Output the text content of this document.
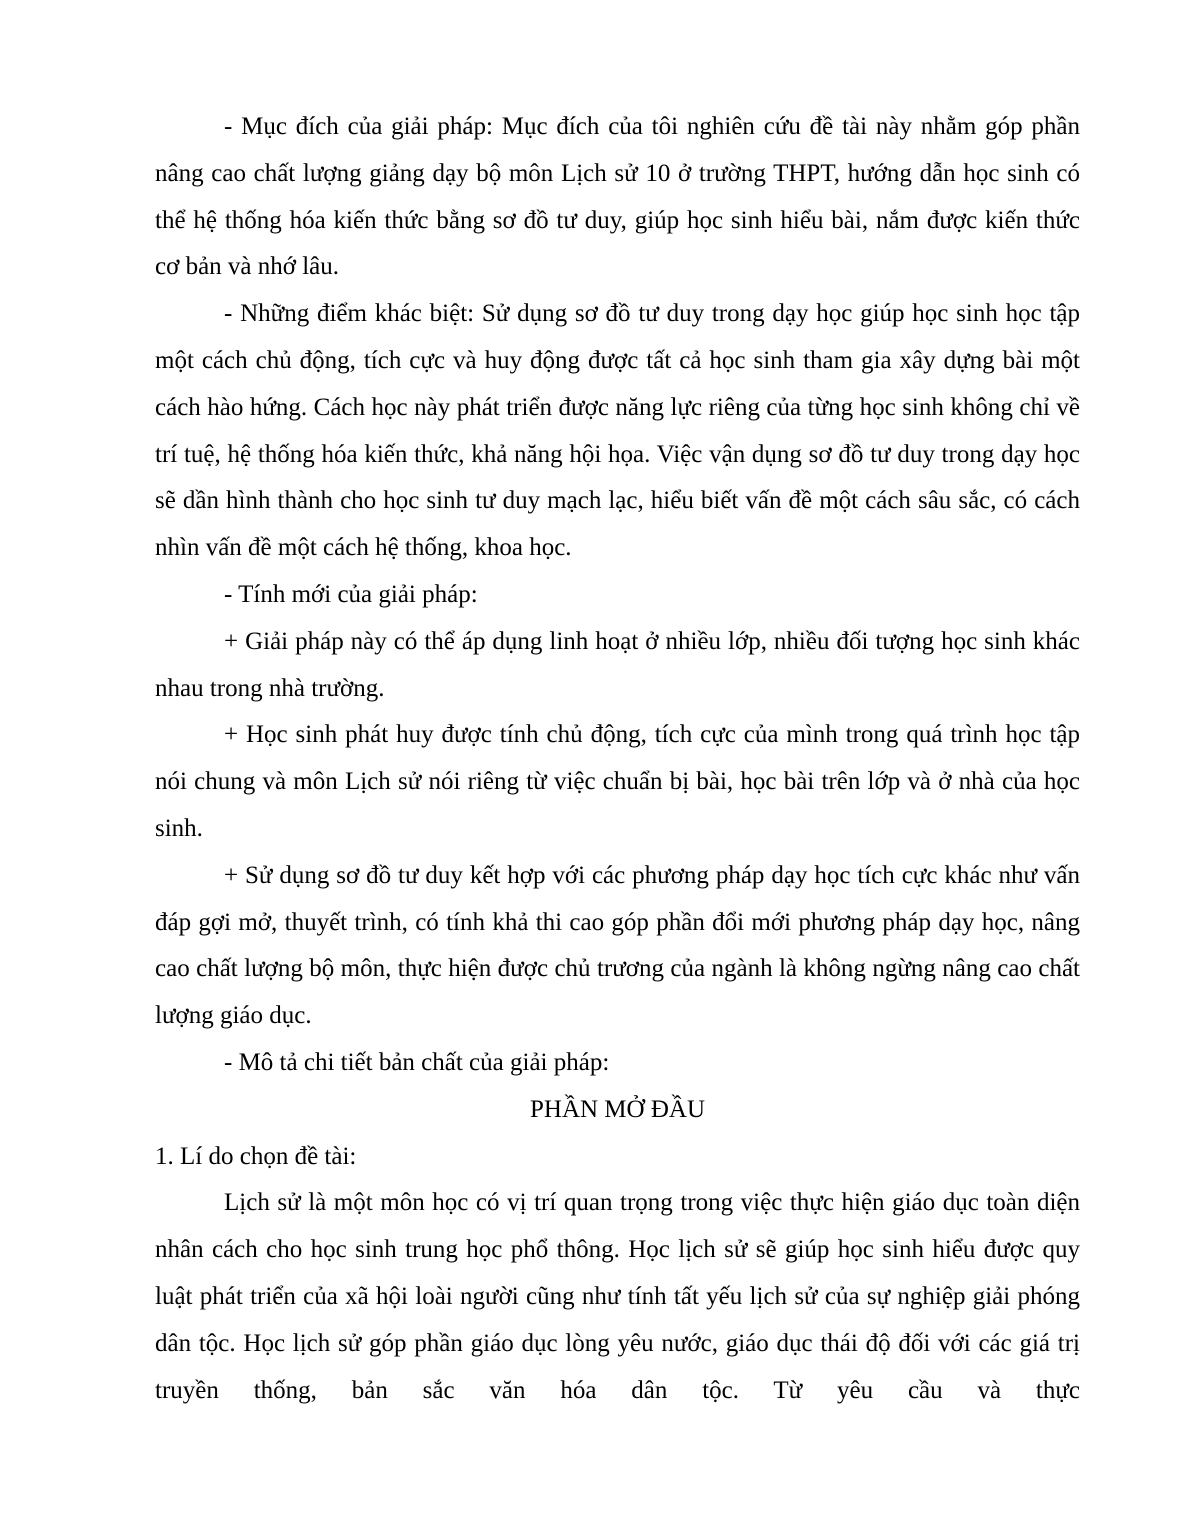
- Mục đích của giải pháp: Mục đích của tôi nghiên cứu đề tài này nhằm góp phần nâng cao chất lượng giảng dạy bộ môn Lịch sử 10 ở trường THPT, hướng dẫn học sinh có thể hệ thống hóa kiến thức bằng sơ đồ tư duy, giúp học sinh hiểu bài, nắm được kiến thức cơ bản và nhớ lâu.

- Những điểm khác biệt: Sử dụng sơ đồ tư duy trong dạy học giúp học sinh học tập một cách chủ động, tích cực và huy động được tất cả học sinh tham gia xây dựng bài một cách hào hứng. Cách học này phát triển được năng lực riêng của từng học sinh không chỉ về trí tuệ, hệ thống hóa kiến thức, khả năng hội họa. Việc vận dụng sơ đồ tư duy trong dạy học sẽ dần hình thành cho học sinh tư duy mạch lạc, hiểu biết vấn đề một cách sâu sắc, có cách nhìn vấn đề một cách hệ thống, khoa học.

- Tính mới của giải pháp:

+ Giải pháp này có thể áp dụng linh hoạt ở nhiều lớp, nhiều đối tượng học sinh khác nhau trong nhà trường.

+ Học sinh phát huy được tính chủ động, tích cực của mình trong quá trình học tập nói chung và môn Lịch sử nói riêng từ việc chuẩn bị bài, học bài trên lớp và ở nhà của học sinh.

+ Sử dụng sơ đồ tư duy kết hợp với các phương pháp dạy học tích cực khác như vấn đáp gợi mở, thuyết trình, có tính khả thi cao góp phần đổi mới phương pháp dạy học, nâng cao chất lượng bộ môn, thực hiện được chủ trương của ngành là không ngừng nâng cao chất lượng giáo dục.

- Mô tả chi tiết bản chất của giải pháp:

PHẦN MỞ ĐẦU

1. Lí do chọn đề tài:

Lịch sử là một môn học có vị trí quan trọng trong việc thực hiện giáo dục toàn diện nhân cách cho học sinh trung học phổ thông. Học lịch sử sẽ giúp học sinh hiểu được quy luật phát triển của xã hội loài người cũng như tính tất yếu lịch sử của sự nghiệp giải phóng dân tộc. Học lịch sử góp phần giáo dục lòng yêu nước, giáo dục thái độ đối với các giá trị truyền thống, bản sắc văn hóa dân tộc. Từ yêu cầu và thực
